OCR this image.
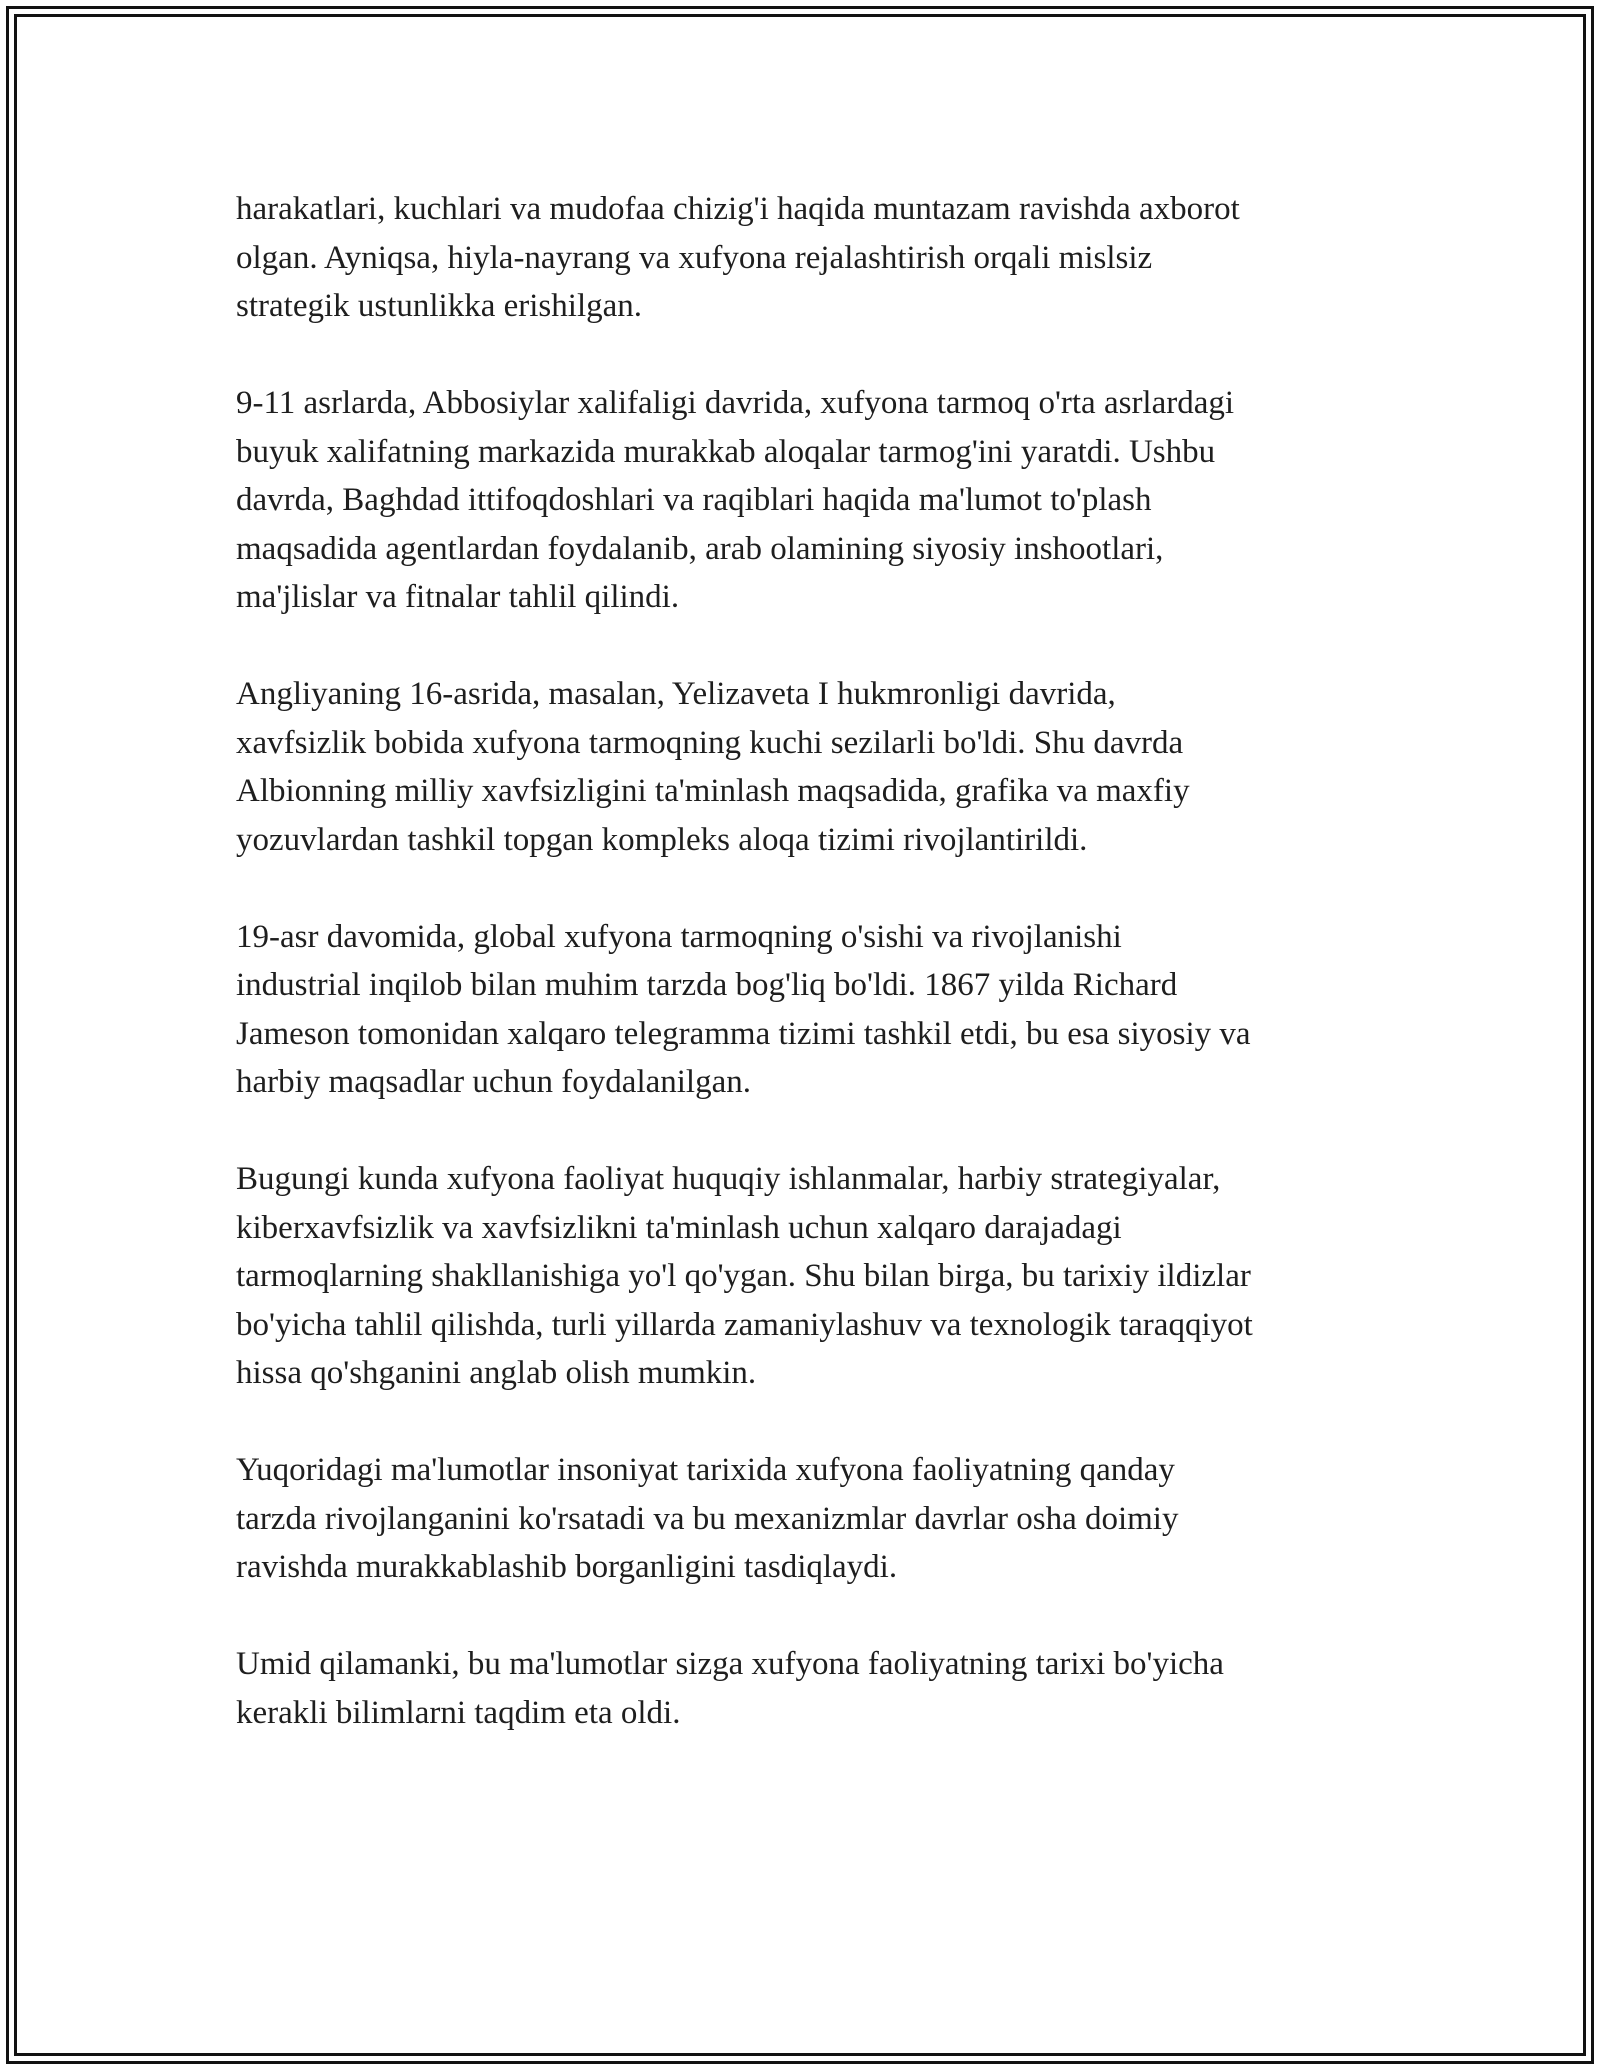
harakatlari, kuchlari va mudofaa chizig'i haqida muntazam ravishda axborot
olgan. Ayniqsa, hiyla-nayrang va xufyona rejalashtirish orqali mislsiz
strategik ustunlikka erishilgan.

9-11 asrlarda, Abbosiylar xalifaligi davrida, xufyona tarmoq o'rta asrlardagi
buyuk xalifatning markazida murakkab aloqalar tarmog'ini yaratdi. Ushbu
davrda, Baghdad ittifoqdoshlari va raqiblari haqida ma'lumot to'plash
maqsadida agentlardan foydalanib, arab olamining siyosiy inshootlari,
ma'jlislar va fitnalar tahlil qilindi.

Angliyaning 16-asrida, masalan, Yelizaveta I hukmronligi davrida,
xavfsizlik bobida xufyona tarmoqning kuchi sezilarli bo'ldi. Shu davrda
Albionning milliy xavfsizligini ta'minlash maqsadida, grafika va maxfiy
yozuvlardan tashkil topgan kompleks aloqa tizimi rivojlantirildi.

19-asr davomida, global xufyona tarmoqning o'sishi va rivojlanishi
industrial inqilob bilan muhim tarzda bog'liq bo'ldi. 1867 yilda Richard
Jameson tomonidan xalqaro telegramma tizimi tashkil etdi, bu esa siyosiy va
harbiy maqsadlar uchun foydalanilgan.

Bugungi kunda xufyona faoliyat huquqiy ishlanmalar, harbiy strategiyalar,
kiberxavfsizlik va xavfsizlikni ta'minlash uchun xalqaro darajadagi
tarmoqlarning shakllanishiga yo'l qo'ygan. Shu bilan birga, bu tarixiy ildizlar
bo'yicha tahlil qilishda, turli yillarda zamaniylashuv va texnologik taraqqiyot
hissa qo'shganini anglab olish mumkin.

Yuqoridagi ma'lumotlar insoniyat tarixida xufyona faoliyatning qanday
tarzda rivojlanganini ko'rsatadi va bu mexanizmlar davrlar osha doimiy
ravishda murakkablashib borganligini tasdiqlaydi.

Umid qilamanki, bu ma'lumotlar sizga xufyona faoliyatning tarixi bo'yicha
kerakli bilimlarni taqdim eta oldi.
